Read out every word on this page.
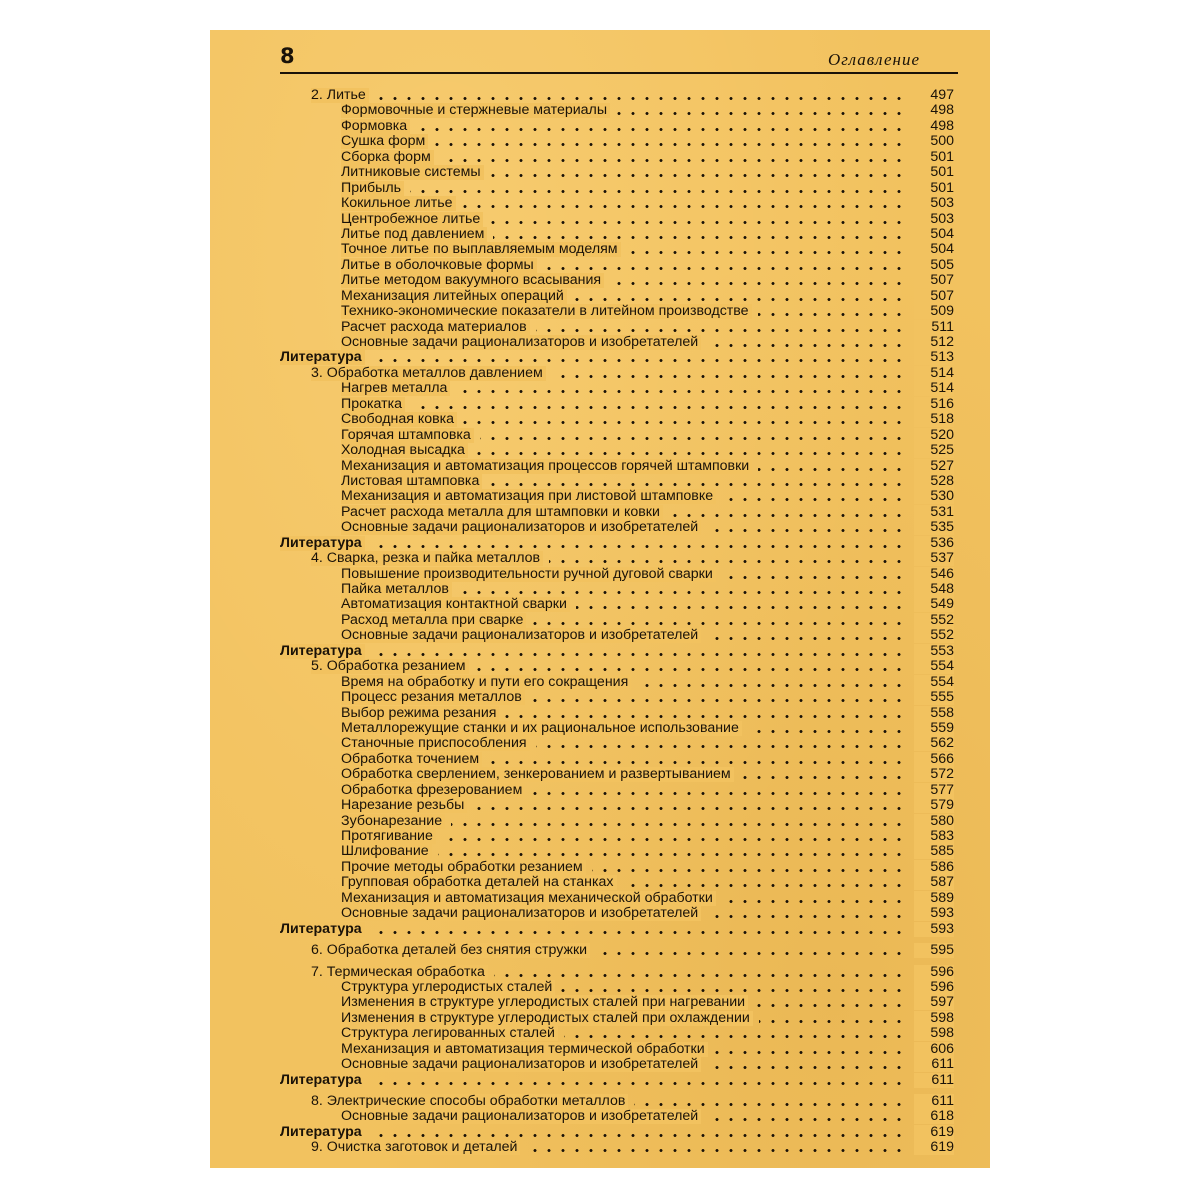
8	Оглавление
2. Литье	497
Формовочные и стержневые материалы	498
Формовка	498
Сушка форм	500
Сборка форм	501
Литниковые системы	501
Прибыль	501
Кокильное литье	503
Центробежное литье	503
Литье под давлением	504
Точное литье по выплавляемым моделям	504
Литье в оболочковые формы	505
Литье методом вакуумного всасывания	507
Механизация литейных операций	507
Технико-экономические показатели в литейном производстве	509
Расчет расхода материалов	511
Основные задачи рационализаторов и изобретателей	512
Литература	513
3. Обработка металлов давлением	514
Нагрев металла	514
Прокатка	516
Свободная ковка	518
Горячая штамповка	520
Холодная высадка	525
Механизация и автоматизация процессов горячей штамповки	527
Листовая штамповка	528
Механизация и автоматизация при листовой штамповке	530
Расчет расхода металла для штамповки и ковки	531
Основные задачи рационализаторов и изобретателей	535
Литература	536
4. Сварка, резка и пайка металлов	537
Повышение производительности ручной дуговой сварки	546
Пайка металлов	548
Автоматизация контактной сварки	549
Расход металла при сварке	552
Основные задачи рационализаторов и изобретателей	552
Литература	553
5. Обработка резанием	554
Время на обработку и пути его сокращения	554
Процесс резания металлов	555
Выбор режима резания	558
Металлорежущие станки и их рациональное использование	559
Станочные приспособления	562
Обработка точением	566
Обработка сверлением, зенкерованием и развертыванием	572
Обработка фрезерованием	577
Нарезание резьбы	579
Зубонарезание	580
Протягивание	583
Шлифование	585
Прочие методы обработки резанием	586
Групповая обработка деталей на станках	587
Механизация и автоматизация механической обработки	589
Основные задачи рационализаторов и изобретателей	593
Литература	593
6. Обработка деталей без снятия стружки	595
7. Термическая обработка	596
Структура углеродистых сталей	596
Изменения в структуре углеродистых сталей при нагревании	597
Изменения в структуре углеродистых сталей при охлаждении	598
Структура легированных сталей	598
Механизация и автоматизация термической обработки	606
Основные задачи рационализаторов и изобретателей	611
Литература	611
8. Электрические способы обработки металлов	611
Основные задачи рационализаторов и изобретателей	618
Литература	619
9. Очистка заготовок и деталей	619
